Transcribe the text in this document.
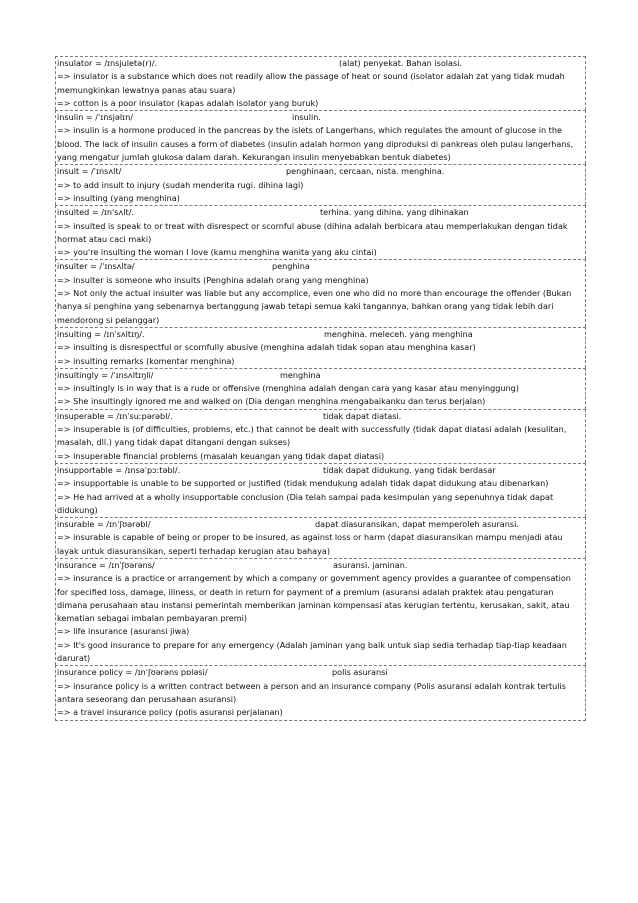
insulator = /ɪnsjuletə(r)/.	(alat) penyekat. Bahan isolasi.
=> insulator is a substance which does not readily allow the passage of heat or sound (isolator adalah zat yang tidak mudah memungkinkan lewatnya panas atau suara)
=> cotton is a poor insulator (kapas adalah isolator yang buruk)
insulin = /ˈɪnsjəlɪn/	insulin.
=> insulin is a hormone produced in the pancreas by the islets of Langerhans, which regulates the amount of glucose in the blood. The lack of insulin causes a form of diabetes (insulin adalah hormon yang diproduksi di pankreas oleh pulau langerhans, yang mengatur jumlah glukosa dalam darah. Kekurangan insulin menyebabkan bentuk diabetes)
insult = /ˈɪnsʌlt/	penghinaan, cercaan, nista. menghina.
=> to add insult to injury (sudah menderita rugi. dihina lagi)
=> insulting (yang menghina)
insulted = /ɪnˈsʌlt/.	terhina. yang dihina. yang dihinakan
=> insulted is speak to or treat with disrespect or scornful abuse (dihina adalah berbicara atau memperlakukan dengan tidak hormat atau caci maki)
=> you're insulting the woman I love (kamu menghina wanita yang aku cintai)
insulter = /ˈɪnsʌltə/	penghina
=> insulter is someone who insults (Penghina adalah orang yang menghina)
=> Not only the actual insulter was liable but any accomplice, even one who did no more than encourage the offender (Bukan hanya si penghina yang sebenarnya bertanggung jawab tetapi semua kaki tangannya, bahkan orang yang tidak lebih dari mendorong si pelanggar)
insulting = /ɪnˈsʌltɪŋ/.	menghina. meleceh. yang menghina
=> insulting is disrespectful or scornfully abusive (menghina adalah tidak sopan atau menghina kasar)
=> insulting remarks (komentar menghina)
insultingly = /ˈɪnsʌltɪŋli/	menghina
=> insultingly is in way that is a rude or offensive (menghina adalah dengan cara yang kasar atau menyinggung)
=> She insultingly ignored me and walked on (Dia dengan menghina mengabaikanku dan terus berjalan)
insuperable = /ɪnˈsuːpərəbl/.	tidak dapat diatasi.
=> insuperable is (of difficulties, problems, etc.) that cannot be dealt with successfully (tidak dapat diatasi adalah (kesulitan, masalah, dll.) yang tidak dapat ditangani dengan sukses)
=> insuperable financial problems (masalah keuangan yang tidak dapat diatasi)
insupportable = /ɪnsəˈpɔːtəbl/.	tidak dapat didukung. yang tidak berdasar
=> insupportable is unable to be supported or justified (tidak mendukung adalah tidak dapat didukung atau dibenarkan)
=> He had arrived at a wholly insupportable conclusion (Dia telah sampai pada kesimpulan yang sepenuhnya tidak dapat didukung)
insurable = /ɪnˈʃʊərəbl/	dapat diasuransikan, dapat memperoleh asuransi.
=> insurable is capable of being or proper to be insured, as against loss or harm (dapat diasuransikan mampu menjadi atau layak untuk diasuransikan, seperti terhadap kerugian atau bahaya)
insurance = /ɪnˈʃʊərəns/	asuransi. jaminan.
=> insurance is a practice or arrangement by which a company or government agency provides a guarantee of compensation for specified loss, damage, illness, or death in return for payment of a premium (asuransi adalah praktek atau pengaturan dimana perusahaan atau instansi pemerintah memberikan jaminan kompensasi atas kerugian tertentu, kerusakan, sakit, atau kematian sebagai imbalan pembayaran premi)
=> life insurance (asuransi jiwa)
=> It's good insurance to prepare for any emergency (Adalah jaminan yang baik untuk siap sedia terhadap tiap-tiap keadaan darurat)
insurance policy = /ɪnˈʃʊərəns pɒləsi/	polis asuransi
=> insurance policy is a written contract between a person and an insurance company (Polis asuransi adalah kontrak tertulis antara seseorang dan perusahaan asuransi)
=> a travel insurance policy (polis asuransi perjalanan)
